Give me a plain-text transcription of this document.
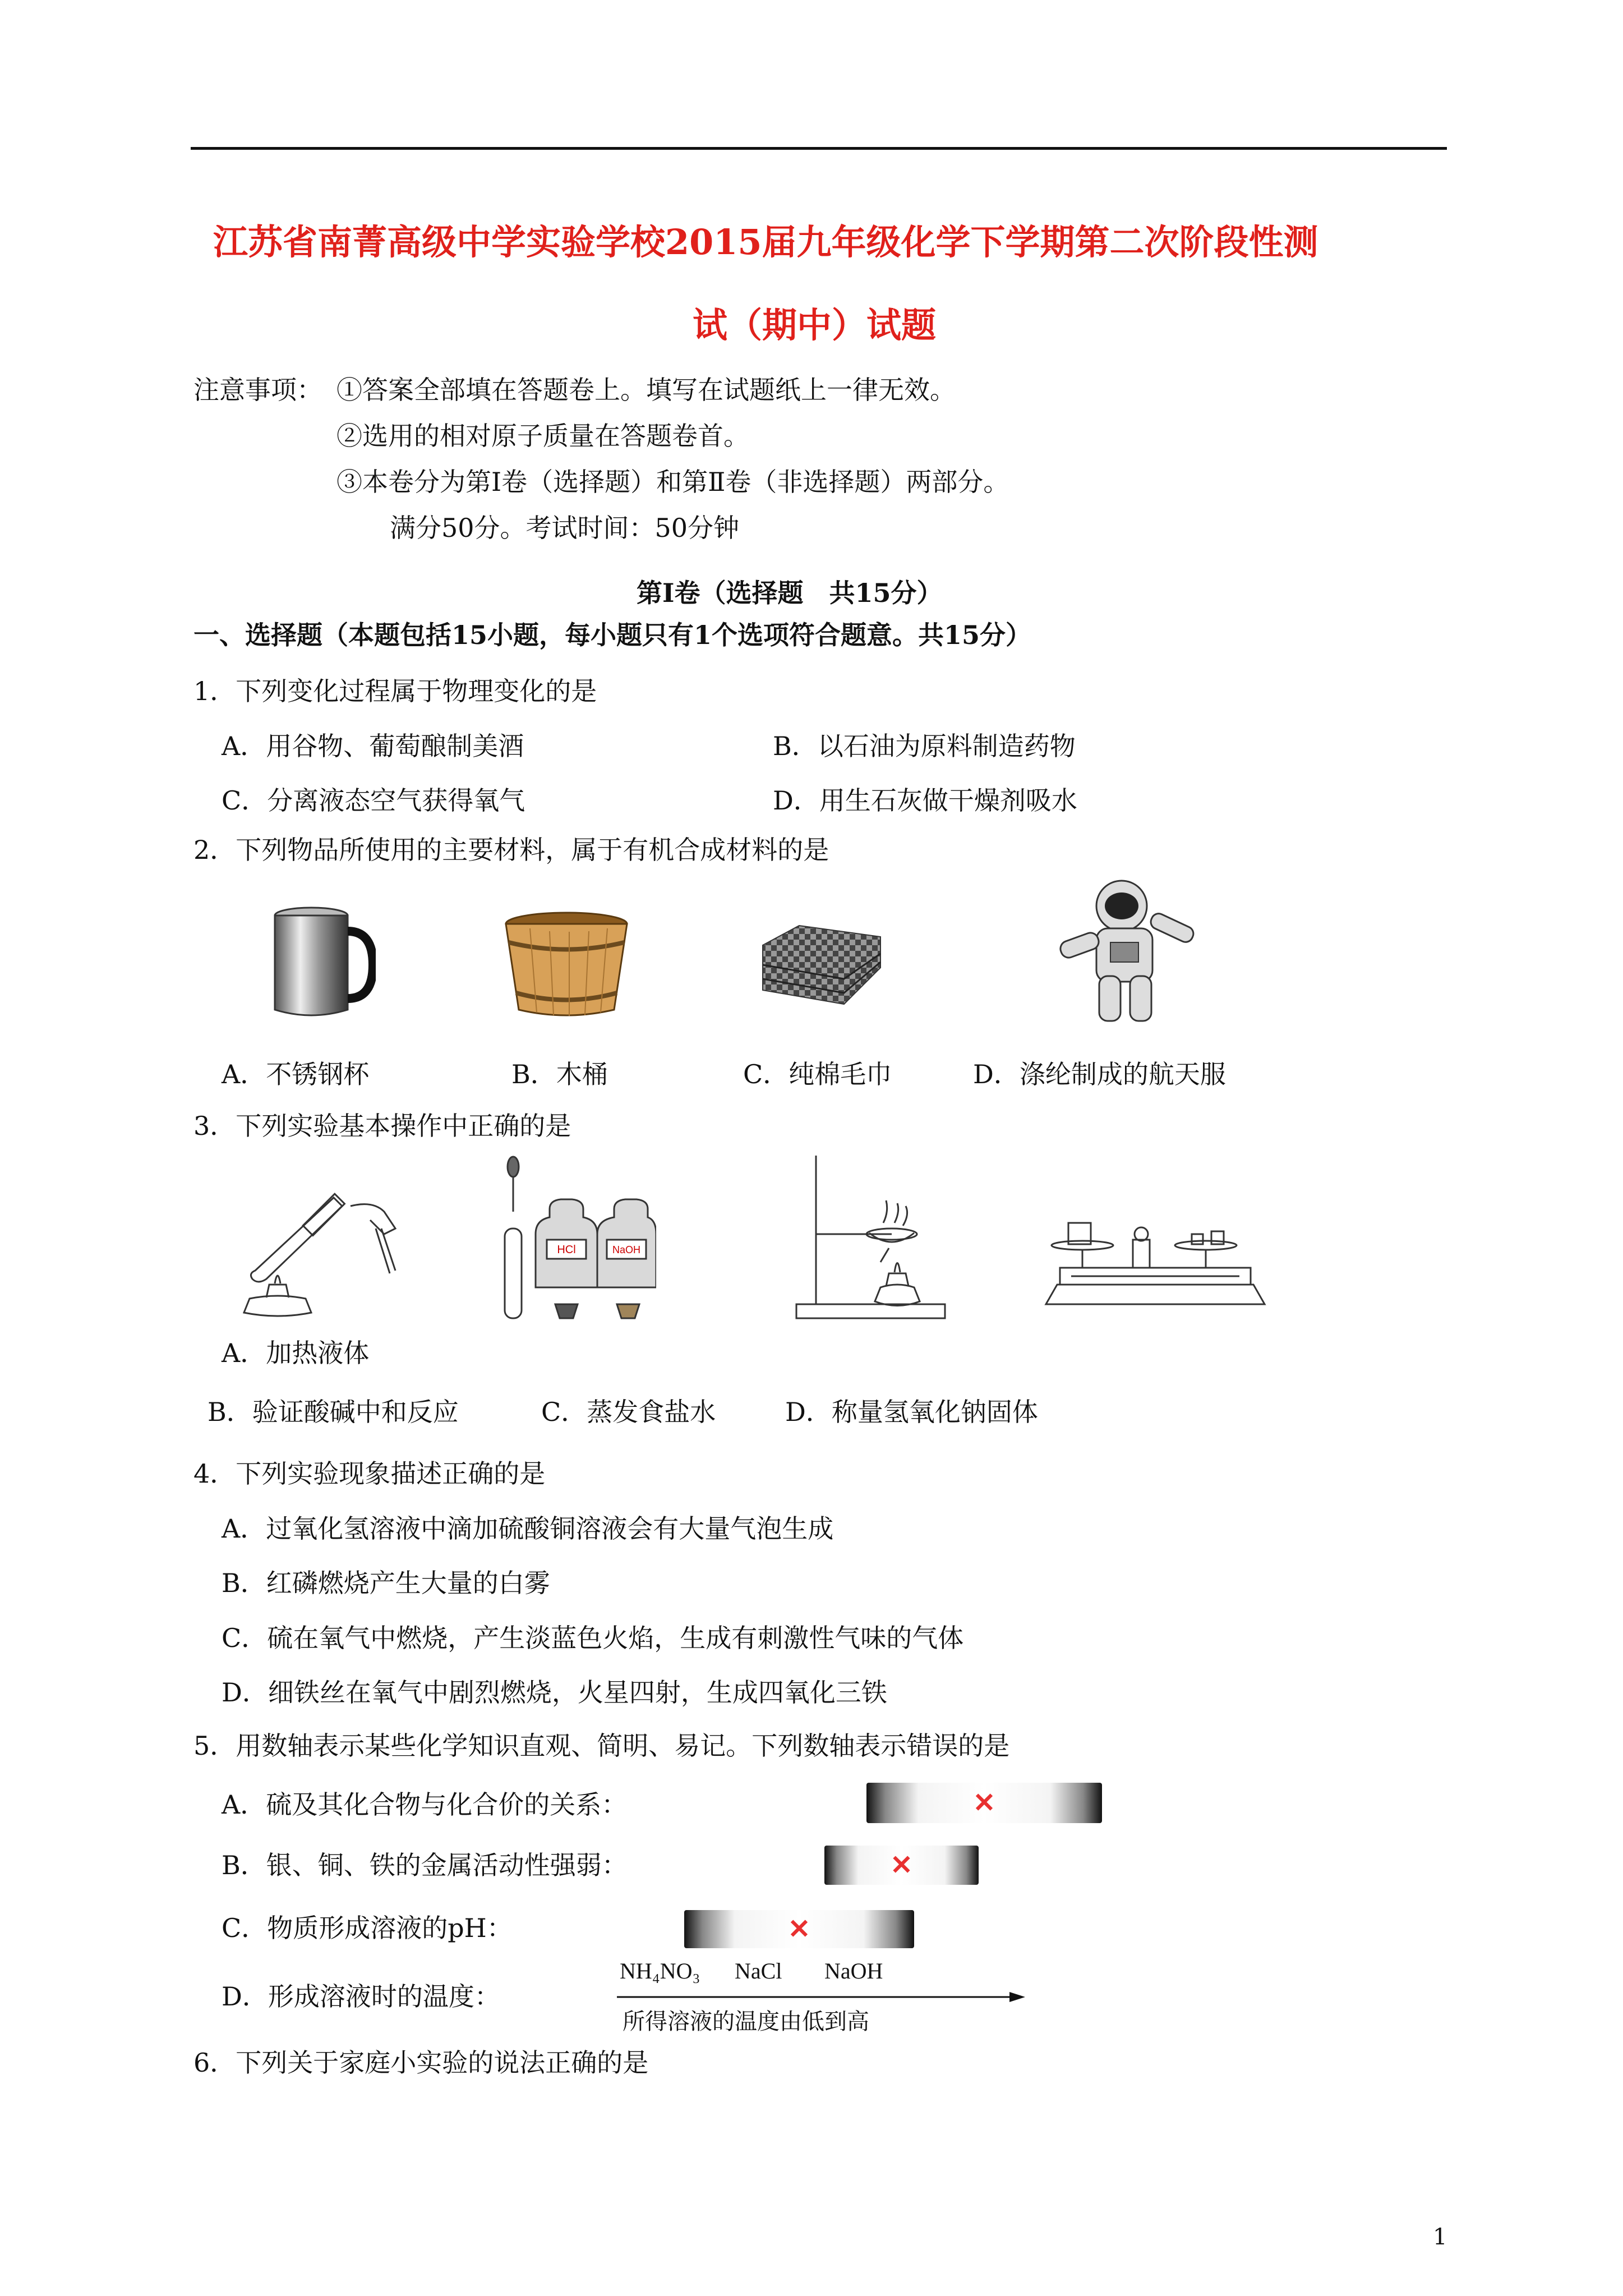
江苏省南菁高级中学实验学校2015届九年级化学下学期第二次阶段性测
试（期中）试题
注意事项： ①答案全部填在答题卷上。填写在试题纸上一律无效。
②选用的相对原子质量在答题卷首。
③本卷分为第Ⅰ卷（选择题）和第Ⅱ卷（非选择题）两部分。
满分50分。考试时间：50分钟
第Ⅰ卷（选择题　共15分）
一、选择题（本题包括15小题，每小题只有1个选项符合题意。共15分）
1．下列变化过程属于物理变化的是
A．用谷物、葡萄酿制美酒	B．以石油为原料制造药物
C．分离液态空气获得氧气	D．用生石灰做干燥剂吸水
2．下列物品所使用的主要材料，属于有机合成材料的是
A．不锈钢杯	B．木桶	C．纯棉毛巾	D．涤纶制成的航天服
3．下列实验基本操作中正确的是
HCl	NaOH
A．加热液体
B．验证酸碱中和反应	C．蒸发食盐水	D．称量氢氧化钠固体
4．下列实验现象描述正确的是
A．过氧化氢溶液中滴加硫酸铜溶液会有大量气泡生成
B．红磷燃烧产生大量的白雾
C．硫在氧气中燃烧，产生淡蓝色火焰，生成有刺激性气味的气体
D．细铁丝在氧气中剧烈燃烧，火星四射，生成四氧化三铁
5．用数轴表示某些化学知识直观、简明、易记。下列数轴表示错误的是
A．硫及其化合物与化合价的关系：	✕
B．银、铜、铁的金属活动性强弱：	✕
C．物质形成溶液的pH：	✕
D．形成溶液时的温度：
NH₄NO₃ NaCl NaOH
所得溶液的温度由低到高
6．下列关于家庭小实验的说法正确的是
1
